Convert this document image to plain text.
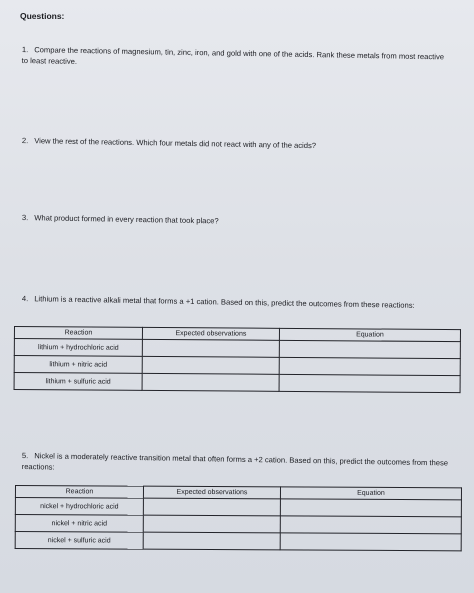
Questions:
1. Compare the reactions of magnesium, tin, zinc, iron, and gold with one of the acids. Rank these metals from most reactive to least reactive.
2. View the rest of the reactions. Which four metals did not react with any of the acids?
3. What product formed in every reaction that took place?
4. Lithium is a reactive alkali metal that forms a +1 cation. Based on this, predict the outcomes from these reactions:
Reaction	Expected observations	Equation
lithium + hydrochloric acid		
lithium + nitric acid		
lithium + sulfuric acid		
5. Nickel is a moderately reactive transition metal that often forms a +2 cation. Based on this, predict the outcomes from these reactions:
Reaction	Expected observations	Equation
nickel + hydrochloric acid		
nickel + nitric acid		
nickel + sulfuric acid		
